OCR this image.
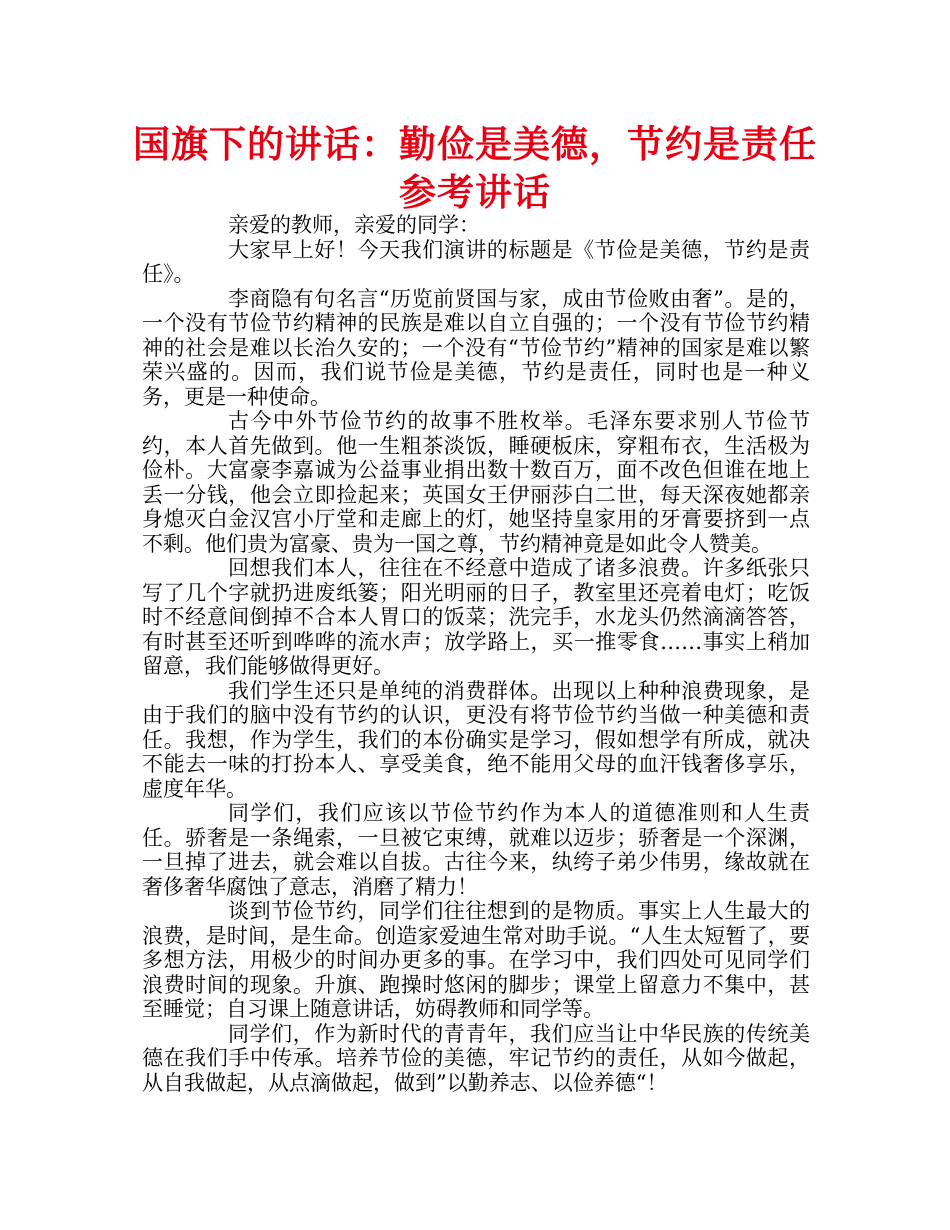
国旗下的讲话：勤俭是美德，节约是责任
参考讲话

亲爱的教师，亲爱的同学：

大家早上好！今天我们演讲的标题是《节俭是美德，节约是责任》。

李商隐有句名言“历览前贤国与家，成由节俭败由奢”。是的，一个没有节俭节约精神的民族是难以自立自强的；一个没有节俭节约精神的社会是难以长治久安的；一个没有“节俭节约”精神的国家是难以繁荣兴盛的。因而，我们说节俭是美德，节约是责任，同时也是一种义务，更是一种使命。

古今中外节俭节约的故事不胜枚举。毛泽东要求别人节俭节约，本人首先做到。他一生粗茶淡饭，睡硬板床，穿粗布衣，生活极为俭朴。大富豪李嘉诚为公益事业捐出数十数百万，面不改色但谁在地上丢一分钱，他会立即捡起来；英国女王伊丽莎白二世，每天深夜她都亲身熄灭白金汉宫小厅堂和走廊上的灯，她坚持皇家用的牙膏要挤到一点不剩。他们贵为富豪、贵为一国之尊，节约精神竟是如此令人赞美。

回想我们本人，往往在不经意中造成了诸多浪费。许多纸张只写了几个字就扔进废纸篓；阳光明丽的日子，教室里还亮着电灯；吃饭时不经意间倒掉不合本人胃口的饭菜；洗完手，水龙头仍然滴滴答答，有时甚至还听到哗哗的流水声；放学路上，买一推零食……事实上稍加留意，我们能够做得更好。

我们学生还只是单纯的消费群体。出现以上种种浪费现象，是由于我们的脑中没有节约的认识，更没有将节俭节约当做一种美德和责任。我想，作为学生，我们的本份确实是学习，假如想学有所成，就决不能去一味的打扮本人、享受美食，绝不能用父母的血汗钱奢侈享乐，虚度年华。

同学们，我们应该以节俭节约作为本人的道德准则和人生责任。骄奢是一条绳索，一旦被它束缚，就难以迈步；骄奢是一个深渊，一旦掉了进去，就会难以自拔。古往今来，纨绔子弟少伟男，缘故就在奢侈奢华腐蚀了意志，消磨了精力！

谈到节俭节约，同学们往往想到的是物质。事实上人生最大的浪费，是时间，是生命。创造家爱迪生常对助手说。“人生太短暂了，要多想方法，用极少的时间办更多的事。在学习中，我们四处可见同学们浪费时间的现象。升旗、跑操时悠闲的脚步；课堂上留意力不集中，甚至睡觉；自习课上随意讲话，妨碍教师和同学等。

同学们，作为新时代的青青年，我们应当让中华民族的传统美德在我们手中传承。培养节俭的美德，牢记节约的责任，从如今做起，从自我做起，从点滴做起，做到”以勤养志、以俭养德“！
